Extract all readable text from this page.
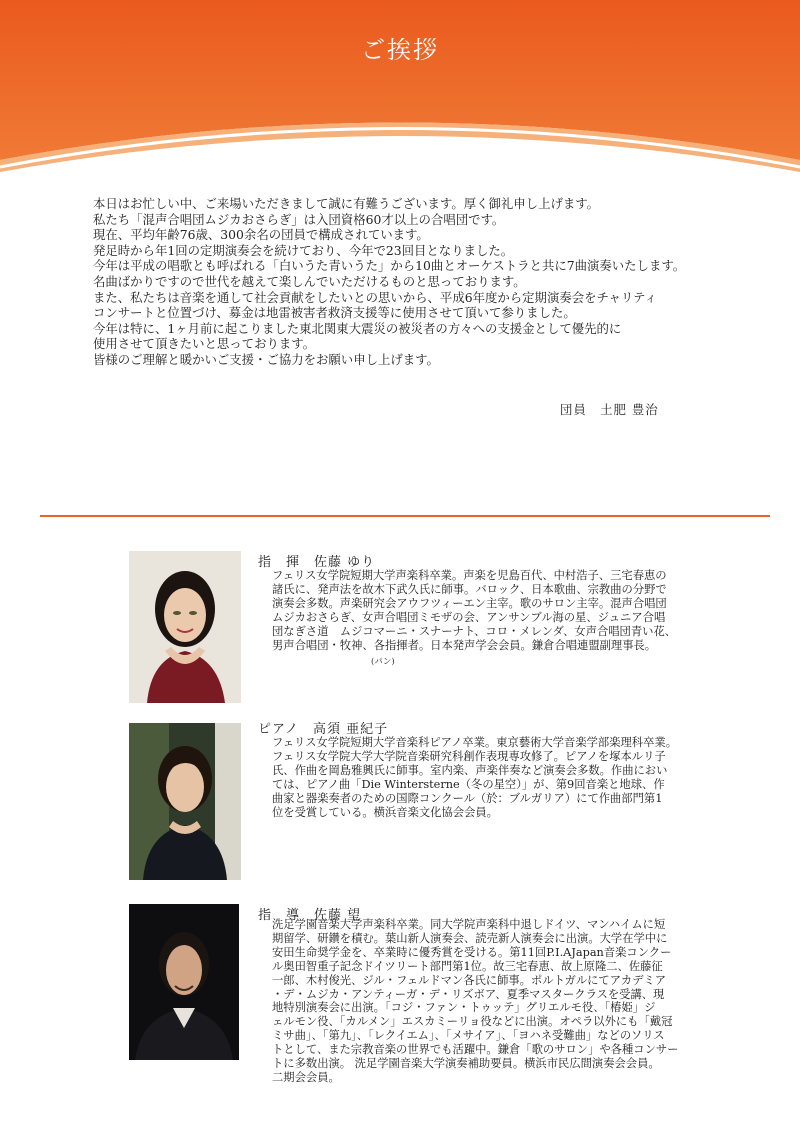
ご挨拶

本日はお忙しい中、ご来場いただきまして誠に有難うございます。厚く御礼申し上げます。

私たち「混声合唱団ムジカおさらぎ」は入団資格60才以上の合唱団です。

現在、平均年齢76歳、300余名の団員で構成されています。

発足時から年1回の定期演奏会を続けており、今年で23回目となりました。

今年は平成の唱歌とも呼ばれる「白いうた青いうた」から10曲とオーケストラと共に7曲演奏いたします。

名曲ばかりですので世代を越えて楽しんでいただけるものと思っております。

また、私たちは音楽を通して社会貢献をしたいとの思いから、平成6年度から定期演奏会をチャリティ

コンサートと位置づけ、募金は地雷被害者救済支援等に使用させて頂いて参りました。

今年は特に、1ヶ月前に起こりました東北関東大震災の被災者の方々への支援金として優先的に

使用させて頂きたいと思っております。

皆様のご理解と暖かいご支援・ご協力をお願い申し上げます。

団員　土肥 豊治
指　揮　佐藤 ゆり

フェリス女学院短期大学声楽科卒業。声楽を児島百代、中村浩子、三宅春恵の

諸氏に、発声法を故木下武久氏に師事。バロック、日本歌曲、宗教曲の分野で

演奏会多数。声楽研究会アウフツィーエン主宰。歌のサロン主宰。混声合唱団

ムジカおさらぎ、女声合唱団ミモザの会、アンサンブル海の星、ジュニア合唱

団なぎさ道　ムジコマーニ・スナーナト、コロ・メレンダ、女声合唱団青い花、

男声合唱団・牧神、各指揮者。日本発声学会会員。鎌倉合唱連盟副理事長。

(パン)
ピアノ　高須 亜紀子

フェリス女学院短期大学音楽科ピアノ卒業。東京藝術大学音楽学部楽理科卒業。

フェリス女学院大学大学院音楽研究科創作表現専攻修了。ピアノを塚本ルリ子

氏、作曲を岡島雅興氏に師事。室内楽、声楽伴奏など演奏会多数。作曲におい

ては、ピアノ曲「Die Wintersterne（冬の星空）」が、第9回音楽と地球、作

曲家と器楽奏者のための国際コンクール（於：ブルガリア）にて作曲部門第1

位を受賞している。横浜音楽文化協会会員。

指　導　佐藤 望

洗足学園音楽大学声楽科卒業。同大学院声楽科中退しドイツ、マンハイムに短

期留学、研鑽を積む。葉山新人演奏会、読売新人演奏会に出演。大学在学中に

安田生命奨学金を、卒業時に優秀賞を受ける。第11回P.I.AJapan音楽コンクー

ル奥田智重子記念ドイツリート部門第1位。故三宅春恵、故上原隆二、佐藤征

一郎、木村俊光、ジル・フェルドマン各氏に師事。ポルトガルにてアカデミア

・デ・ムジカ・アンティーガ・デ・リズボア、夏季マスタークラスを受講、現

地特別演奏会に出演。「コジ・ファン・トゥッテ」グリエルモ役、「椿姫」ジ

ェルモン役、「カルメン」エスカミーリョ役などに出演。オペラ以外にも「戴冠

ミサ曲」、「第九」、「レクイエム」、「メサイア」、「ヨハネ受難曲」などのソリス

トとして、また宗教音楽の世界でも活躍中。鎌倉「歌のサロン」や各種コンサー

トに多数出演。 洗足学園音楽大学演奏補助要員。横浜市民広間演奏会会員。

二期会会員。
